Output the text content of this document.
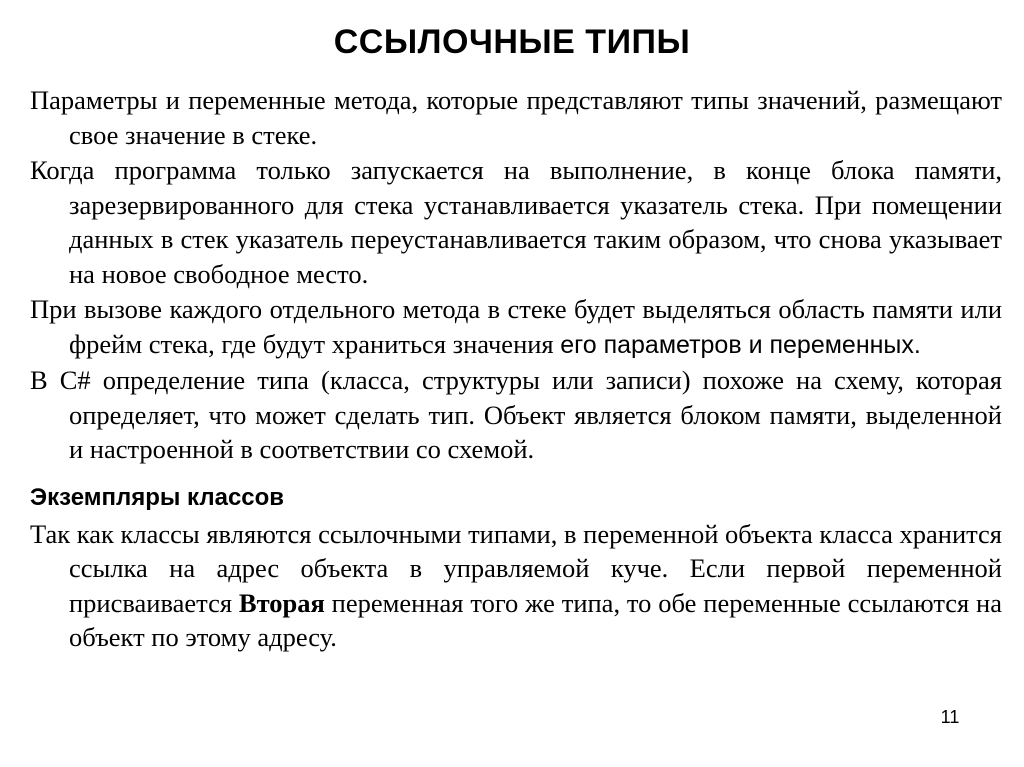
ССЫЛОЧНЫЕ ТИПЫ

Параметры и переменные метода, которые представляют типы значений, размещают свое значение в стеке.

Когда программа только запускается на выполнение, в конце блока памяти, зарезервированного для стека устанавливается указатель стека. При помещении данных в стек указатель переустанавливается таким образом, что снова указывает на новое свободное место.

При вызове каждого отдельного метода в стеке будет выделяться область памяти или фрейм стека, где будут храниться значения его параметров и переменных.

В C# определение типа (класса, структуры или записи) похоже на схему, которая определяет, что может сделать тип. Объект является блоком памяти, выделенной и настроенной в соответствии со схемой.

Экземпляры классов

Так как классы являются ссылочными типами, в переменной объекта класса хранится ссылка на адрес объекта в управляемой куче. Если первой переменной присваивается Вторая переменная того же типа, то обе переменные ссылаются на объект по этому адресу.

11
